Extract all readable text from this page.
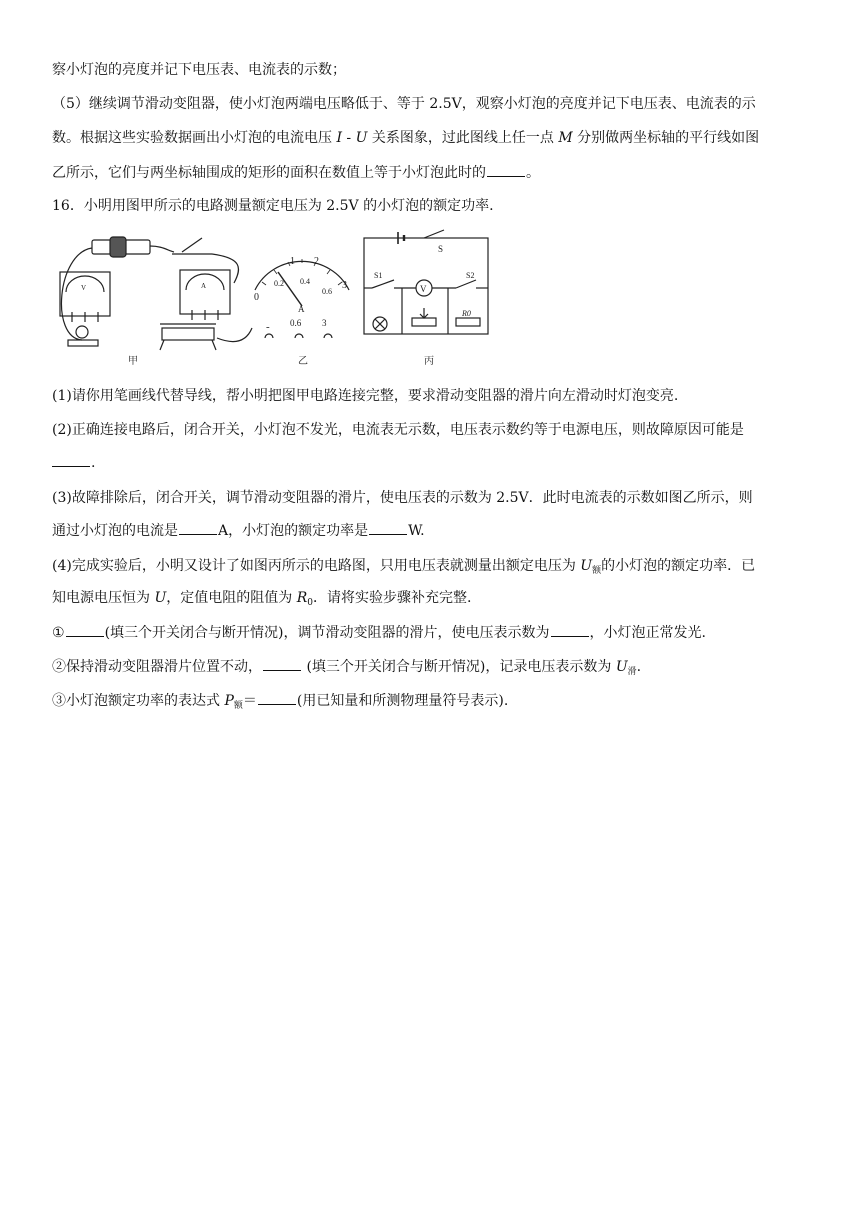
察小灯泡的亮度并记下电压表、电流表的示数；
（5）继续调节滑动变阻器，使小灯泡两端电压略低于、等于 2.5V，观察小灯泡的亮度并记下电压表、电流表的示
数。根据这些实验数据画出小灯泡的电流电压 I - U 关系图象，过此图线上任一点 M 分别做两坐标轴的平行线如图
乙所示，它们与两坐标轴围成的矩形的面积在数值上等于小灯泡此时的	。
16．小明用图甲所示的电路测量额定电压为 2.5V 的小灯泡的额定功率.
1 2
0
3
0.2 0.4
0.6
A
- 0.6 3
S
S1	S2
V
R0
V	A
甲	乙	丙
(1)请你用笔画线代替导线，帮小明把图甲电路连接完整，要求滑动变阻器的滑片向左滑动时灯泡变亮.
(2)正确连接电路后，闭合开关，小灯泡不发光，电流表无示数，电压表示数约等于电源电压，则故障原因可能是
.
(3)故障排除后，闭合开关，调节滑动变阻器的滑片，使电压表的示数为 2.5V．此时电流表的示数如图乙所示，则
通过小灯泡的电流是	A，小灯泡的额定功率是	W.
(4)完成实验后，小明又设计了如图丙所示的电路图，只用电压表就测量出额定电压为 $U_额$的小灯泡的额定功率．已
知电源电压恒为 U，定值电阻的阻值为 $R_0$．请将实验步骤补充完整.
①	(填三个开关闭合与断开情况)，调节滑动变阻器的滑片，使电压表示数为	，小灯泡正常发光.
②保持滑动变阻器滑片位置不动，	(填三个开关闭合与断开情况)，记录电压表示数为 $U_滑$.
③小灯泡额定功率的表达式 $P_额=$	(用已知量和所测物理量符号表示).
